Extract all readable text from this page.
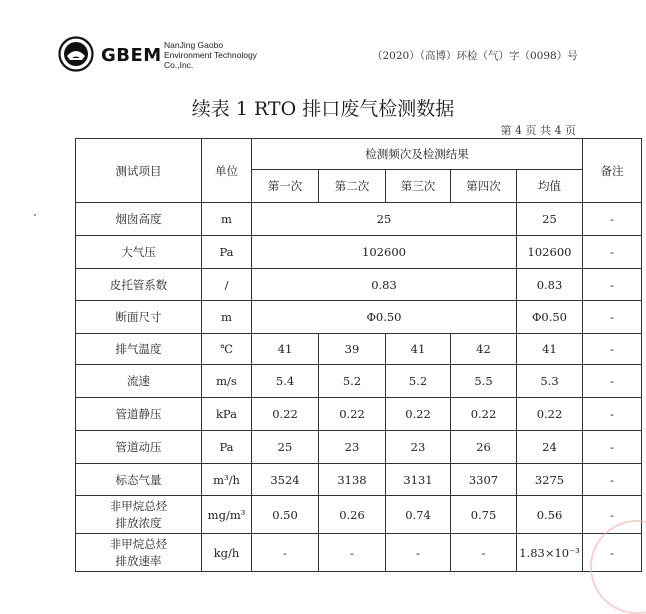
GBEM NanJing Gaobo
Environment Technology
Co.,Inc.
（2020）（高博）环检（气）字（0098）号
续表 1 RTO 排口废气检测数据
第 4 页 共 4 页
测试项目	单位	检测频次及检测结果					备注
		第一次	第二次	第三次	第四次	均值	
烟囱高度	m	25				25	-
大气压	Pa	102600				102600	-
皮托管系数	/	0.83				0.83	-
断面尺寸	m	Φ0.50				Φ0.50	-
排气温度	℃	41	39	41	42	41	-
流速	m/s	5.4	5.2	5.2	5.5	5.3	-
管道静压	kPa	0.22	0.22	0.22	0.22	0.22	-
管道动压	Pa	25	23	23	26	24	-
标态气量	m³/h	3524	3138	3131	3307	3275	-

非甲烷总烃
排放浓度	mg/m³	0.50	0.26	0.74	0.75	0.56	-

非甲烷总烃
排放速率	kg/h	-	-	-	-	1.83×10⁻³	-
